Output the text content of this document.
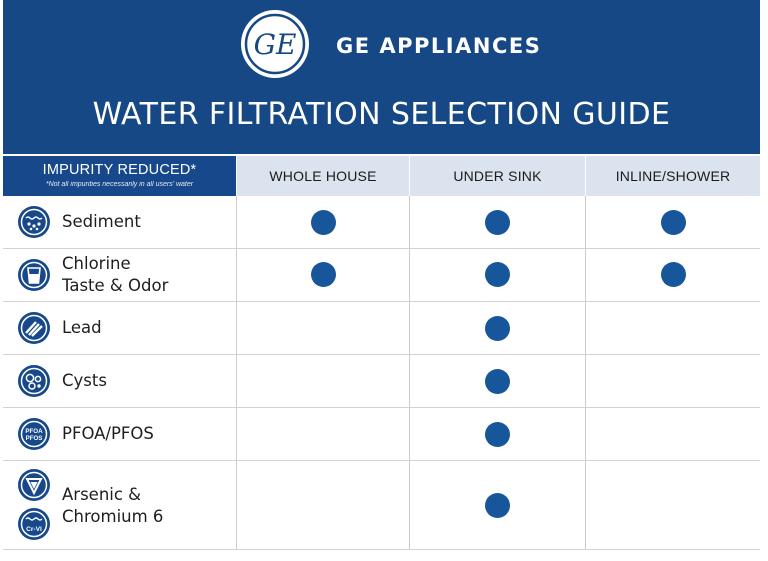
GE GE APPLIANCES
WATER FILTRATION SELECTION GUIDE
IMPURITY REDUCED*
*Not all impurities necessarily in all users' water
WHOLE HOUSE	UNDER SINK	INLINE/SHOWER
Sediment
Chlorine
Taste & Odor
Lead
Cysts
PFOA
PFOS PFOA/PFOS
Cr-VI
Arsenic &
Chromium 6
